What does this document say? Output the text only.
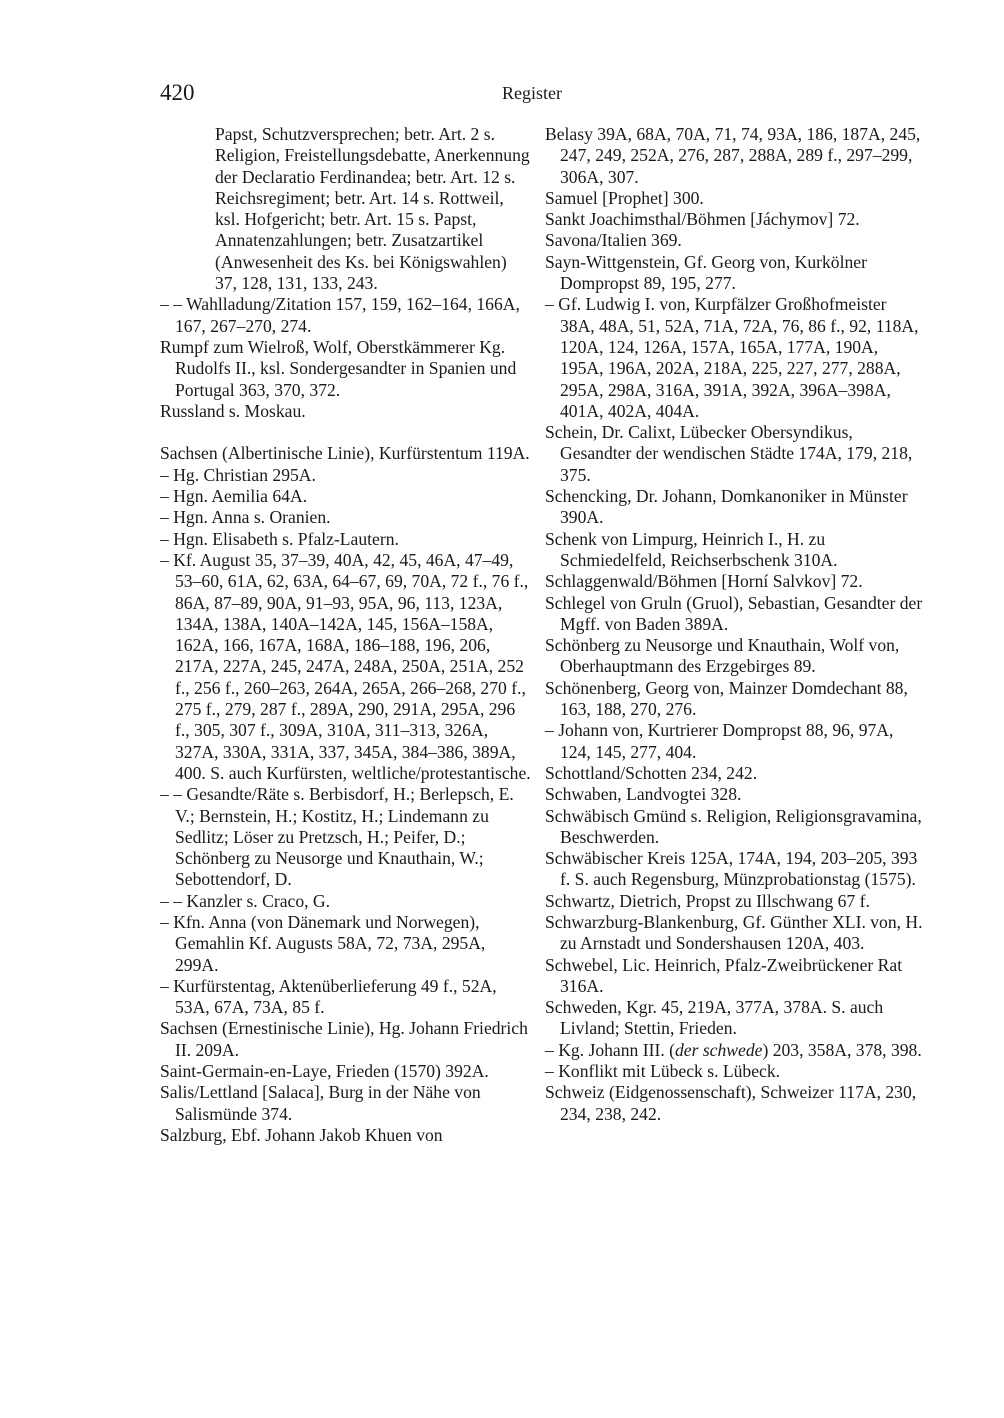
420	Register
Papst, Schutzversprechen; betr. Art. 2 s. Religion, Freistellungsdebatte, Anerkennung der Declaratio Ferdinandea; betr. Art. 12 s. Reichsregiment; betr. Art. 14 s. Rottweil, ksl. Hofgericht; betr. Art. 15 s. Papst, Annatenzahlungen; betr. Zusatzartikel (Anwesenheit des Ks. bei Königswahlen) 37, 128, 131, 133, 243.
– – Wahlladung/Zitation 157, 159, 162–164, 166A, 167, 267–270, 274.
Rumpf zum Wielroß, Wolf, Oberstkämmerer Kg. Rudolfs II., ksl. Sondergesandter in Spanien und Portugal 363, 370, 372.
Russland s. Moskau.
Sachsen (Albertinische Linie), Kurfürstentum 119A.
– Hg. Christian 295A.
– Hgn. Aemilia 64A.
– Hgn. Anna s. Oranien.
– Hgn. Elisabeth s. Pfalz-Lautern.
– Kf. August 35, 37–39, 40A, 42, 45, 46A, 47–49, 53–60, 61A, 62, 63A, 64–67, 69, 70A, 72 f., 76 f., 86A, 87–89, 90A, 91–93, 95A, 96, 113, 123A, 134A, 138A, 140A–142A, 145, 156A–158A, 162A, 166, 167A, 168A, 186–188, 196, 206, 217A, 227A, 245, 247A, 248A, 250A, 251A, 252 f., 256 f., 260–263, 264A, 265A, 266–268, 270 f., 275 f., 279, 287 f., 289A, 290, 291A, 295A, 296 f., 305, 307 f., 309A, 310A, 311–313, 326A, 327A, 330A, 331A, 337, 345A, 384–386, 389A, 400. S. auch Kurfürsten, weltliche/protestantische.
– – Gesandte/Räte s. Berbisdorf, H.; Berlepsch, E. V.; Bernstein, H.; Kostitz, H.; Lindemann zu Sedlitz; Löser zu Pretzsch, H.; Peifer, D.; Schönberg zu Neusorge und Knauthain, W.; Sebottendorf, D.
– – Kanzler s. Craco, G.
– Kfn. Anna (von Dänemark und Norwegen), Gemahlin Kf. Augusts 58A, 72, 73A, 295A, 299A.
– Kurfürstentag, Aktenüberlieferung 49 f., 52A, 53A, 67A, 73A, 85 f.
Sachsen (Ernestinische Linie), Hg. Johann Friedrich II. 209A.
Saint-Germain-en-Laye, Frieden (1570) 392A.
Salis/Lettland [Salaca], Burg in der Nähe von Salismünde 374.
Salzburg, Ebf. Johann Jakob Khuen von
Belasy 39A, 68A, 70A, 71, 74, 93A, 186, 187A, 245, 247, 249, 252A, 276, 287, 288A, 289 f., 297–299, 306A, 307.
Samuel [Prophet] 300.
Sankt Joachimsthal/Böhmen [Jáchymov] 72.
Savona/Italien 369.
Sayn-Wittgenstein, Gf. Georg von, Kurkölner Dompropst 89, 195, 277.
– Gf. Ludwig I. von, Kurpfälzer Großhofmeister 38A, 48A, 51, 52A, 71A, 72A, 76, 86 f., 92, 118A, 120A, 124, 126A, 157A, 165A, 177A, 190A, 195A, 196A, 202A, 218A, 225, 227, 277, 288A, 295A, 298A, 316A, 391A, 392A, 396A–398A, 401A, 402A, 404A.
Schein, Dr. Calixt, Lübecker Obersyndikus, Gesandter der wendischen Städte 174A, 179, 218, 375.
Schencking, Dr. Johann, Domkanoniker in Münster 390A.
Schenk von Limpurg, Heinrich I., H. zu Schmiedelfeld, Reichserbschenk 310A.
Schlaggenwald/Böhmen [Horní Salvkov] 72.
Schlegel von Gruln (Gruol), Sebastian, Gesandter der Mgff. von Baden 389A.
Schönberg zu Neusorge und Knauthain, Wolf von, Oberhauptmann des Erzgebirges 89.
Schönenberg, Georg von, Mainzer Domdechant 88, 163, 188, 270, 276.
– Johann von, Kurtrierer Dompropst 88, 96, 97A, 124, 145, 277, 404.
Schottland/Schotten 234, 242.
Schwaben, Landvogtei 328.
Schwäbisch Gmünd s. Religion, Religionsgravamina, Beschwerden.
Schwäbischer Kreis 125A, 174A, 194, 203–205, 393 f. S. auch Regensburg, Münzprobationstag (1575).
Schwartz, Dietrich, Propst zu Illschwang 67 f.
Schwarzburg-Blankenburg, Gf. Günther XLI. von, H. zu Arnstadt und Sondershausen 120A, 403.
Schwebel, Lic. Heinrich, Pfalz-Zweibrückener Rat 316A.
Schweden, Kgr. 45, 219A, 377A, 378A. S. auch Livland; Stettin, Frieden.
– Kg. Johann III. (der schwede) 203, 358A, 378, 398.
– Konflikt mit Lübeck s. Lübeck.
Schweiz (Eidgenossenschaft), Schweizer 117A, 230, 234, 238, 242.
